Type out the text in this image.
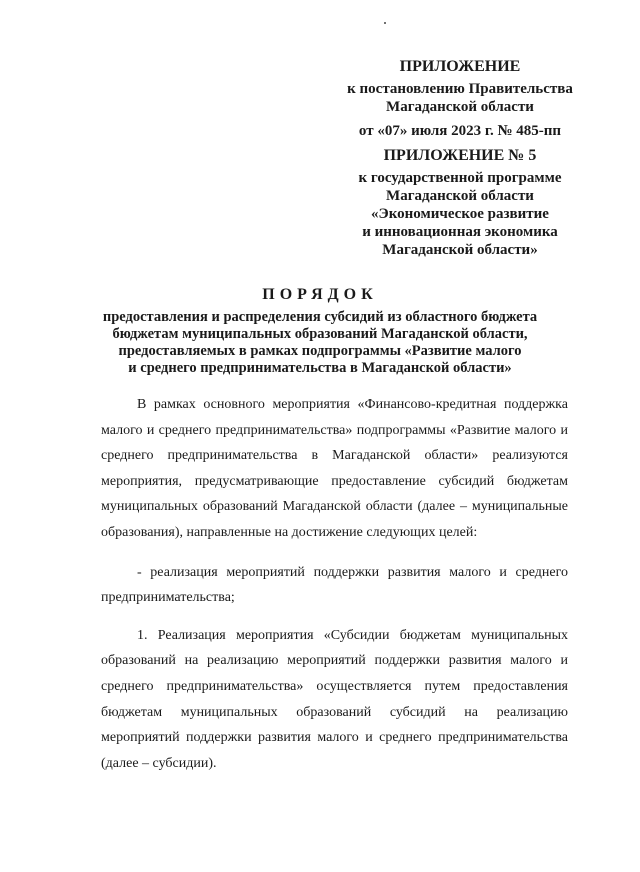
ПРИЛОЖЕНИЕ
к постановлению Правительства
Магаданской области
от «07» июля 2023 г. № 485-пп
ПРИЛОЖЕНИЕ № 5
к государственной программе
Магаданской области
«Экономическое развитие
и инновационная экономика
Магаданской области»
ПОРЯДОК
предоставления и распределения субсидий из областного бюджета
бюджетам муниципальных образований Магаданской области,
предоставляемых в рамках подпрограммы «Развитие малого
и среднего предпринимательства в Магаданской области»

В рамках основного мероприятия «Финансово-кредитная поддержка малого и среднего предпринимательства» подпрограммы «Развитие малого и среднего предпринимательства в Магаданской области» реализуются мероприятия, предусматривающие предоставление субсидий бюджетам муниципальных образований Магаданской области (далее – муниципальные образования), направленные на достижение следующих целей:

- реализация мероприятий поддержки развития малого и среднего предпринимательства;

1. Реализация мероприятия «Субсидии бюджетам муниципальных образований на реализацию мероприятий поддержки развития малого и среднего предпринимательства» осуществляется путем предоставления бюджетам муниципальных образований субсидий на реализацию мероприятий поддержки развития малого и среднего предпринимательства (далее – субсидии).
